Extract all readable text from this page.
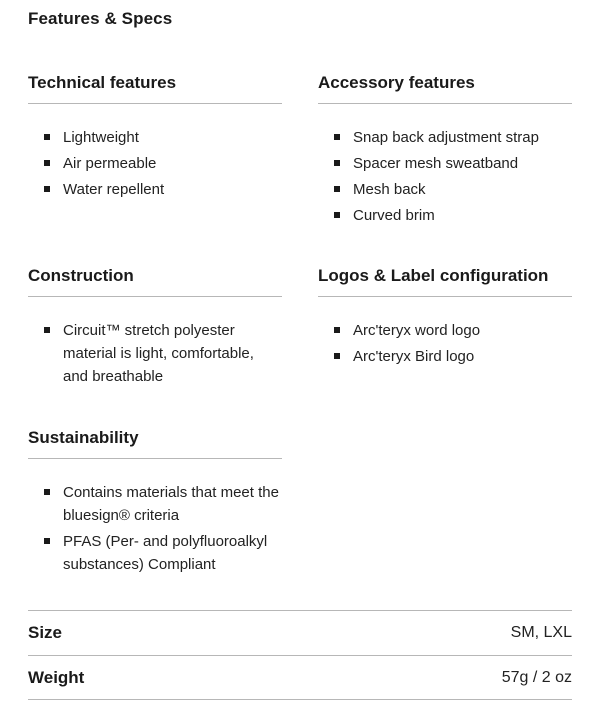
Features & Specs
Technical features
Lightweight
Air permeable
Water repellent
Accessory features
Snap back adjustment strap
Spacer mesh sweatband
Mesh back
Curved brim
Construction
Circuit™ stretch polyester material is light, comfortable, and breathable
Logos & Label configuration
Arc'teryx word logo
Arc'teryx Bird logo
Sustainability
Contains materials that meet the bluesign® criteria
PFAS (Per- and polyfluoroalkyl substances) Compliant
Size	SM, LXL
Weight	57g / 2 oz
